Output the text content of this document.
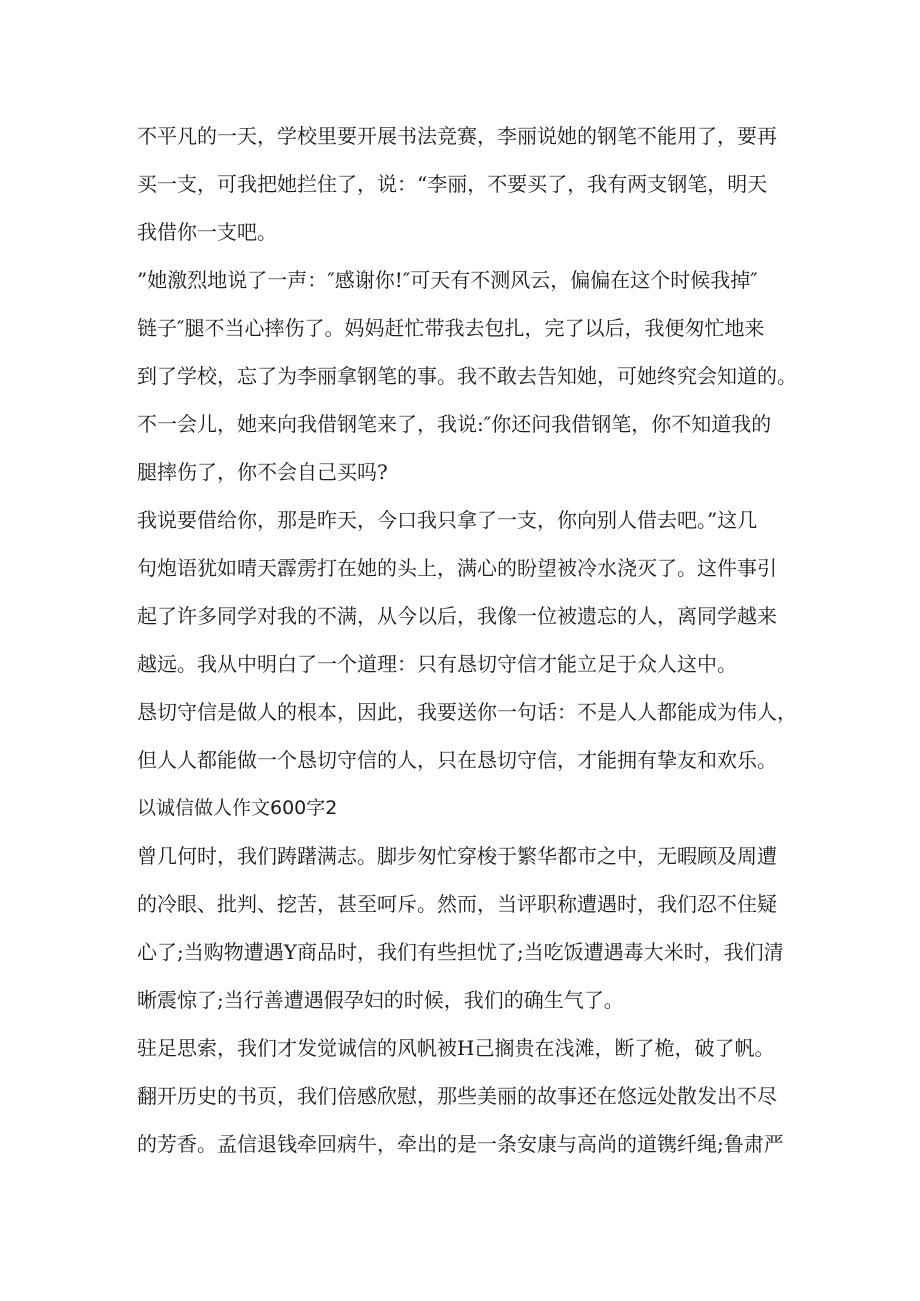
不平凡的一天，学校里要开展书法竞赛，李丽说她的钢笔不能用了，要再
买一支，可我把她拦住了，说：“李丽，不要买了，我有两支钢笔，明天
我借你一支吧。
”她激烈地说了一声：″感谢你!″可天有不测风云，偏偏在这个时候我掉″
链子″腿不当心摔伤了。妈妈赶忙带我去包扎，完了以后，我便匆忙地来
到了学校，忘了为李丽拿钢笔的事。我不敢去告知她，可她终究会知道的。
不一会儿，她来向我借钢笔来了，我说:″你还问我借钢笔，你不知道我的
腿摔伤了，你不会自己买吗?
我说要借给你，那是昨天，今口我只拿了一支，你向别人借去吧。”这几
句炮语犹如晴天霹雳打在她的头上，满心的盼望被冷水浇灭了。这件事引
起了许多同学对我的不满，从今以后，我像一位被遗忘的人，离同学越来
越远。我从中明白了一个道理：只有恳切守信才能立足于众人这中。
恳切守信是做人的根本，因此，我要送你一句话：不是人人都能成为伟人，
但人人都能做一个恳切守信的人，只在恳切守信，才能拥有挚友和欢乐。
以诚信做人作文600字2
曾几何时，我们踌躇满志。脚步匆忙穿梭于繁华都市之中，无暇顾及周遭
的冷眼、批判、挖苦，甚至呵斥。然而，当评职称遭遇时，我们忍不住疑
心了;当购物遭遇Y商品时，我们有些担忧了;当吃饭遭遇毒大米时，我们清
晰震惊了;当行善遭遇假孕妇的时候，我们的确生气了。
驻足思索，我们才发觉诚信的风帆被H己搁贵在浅滩，断了桅，破了帆。
翻开历史的书页，我们倍感欣慰，那些美丽的故事还在悠远处散发出不尽
的芳香。孟信退钱牵回病牛，牵出的是一条安康与高尚的道镌纤绳;鲁肃严
